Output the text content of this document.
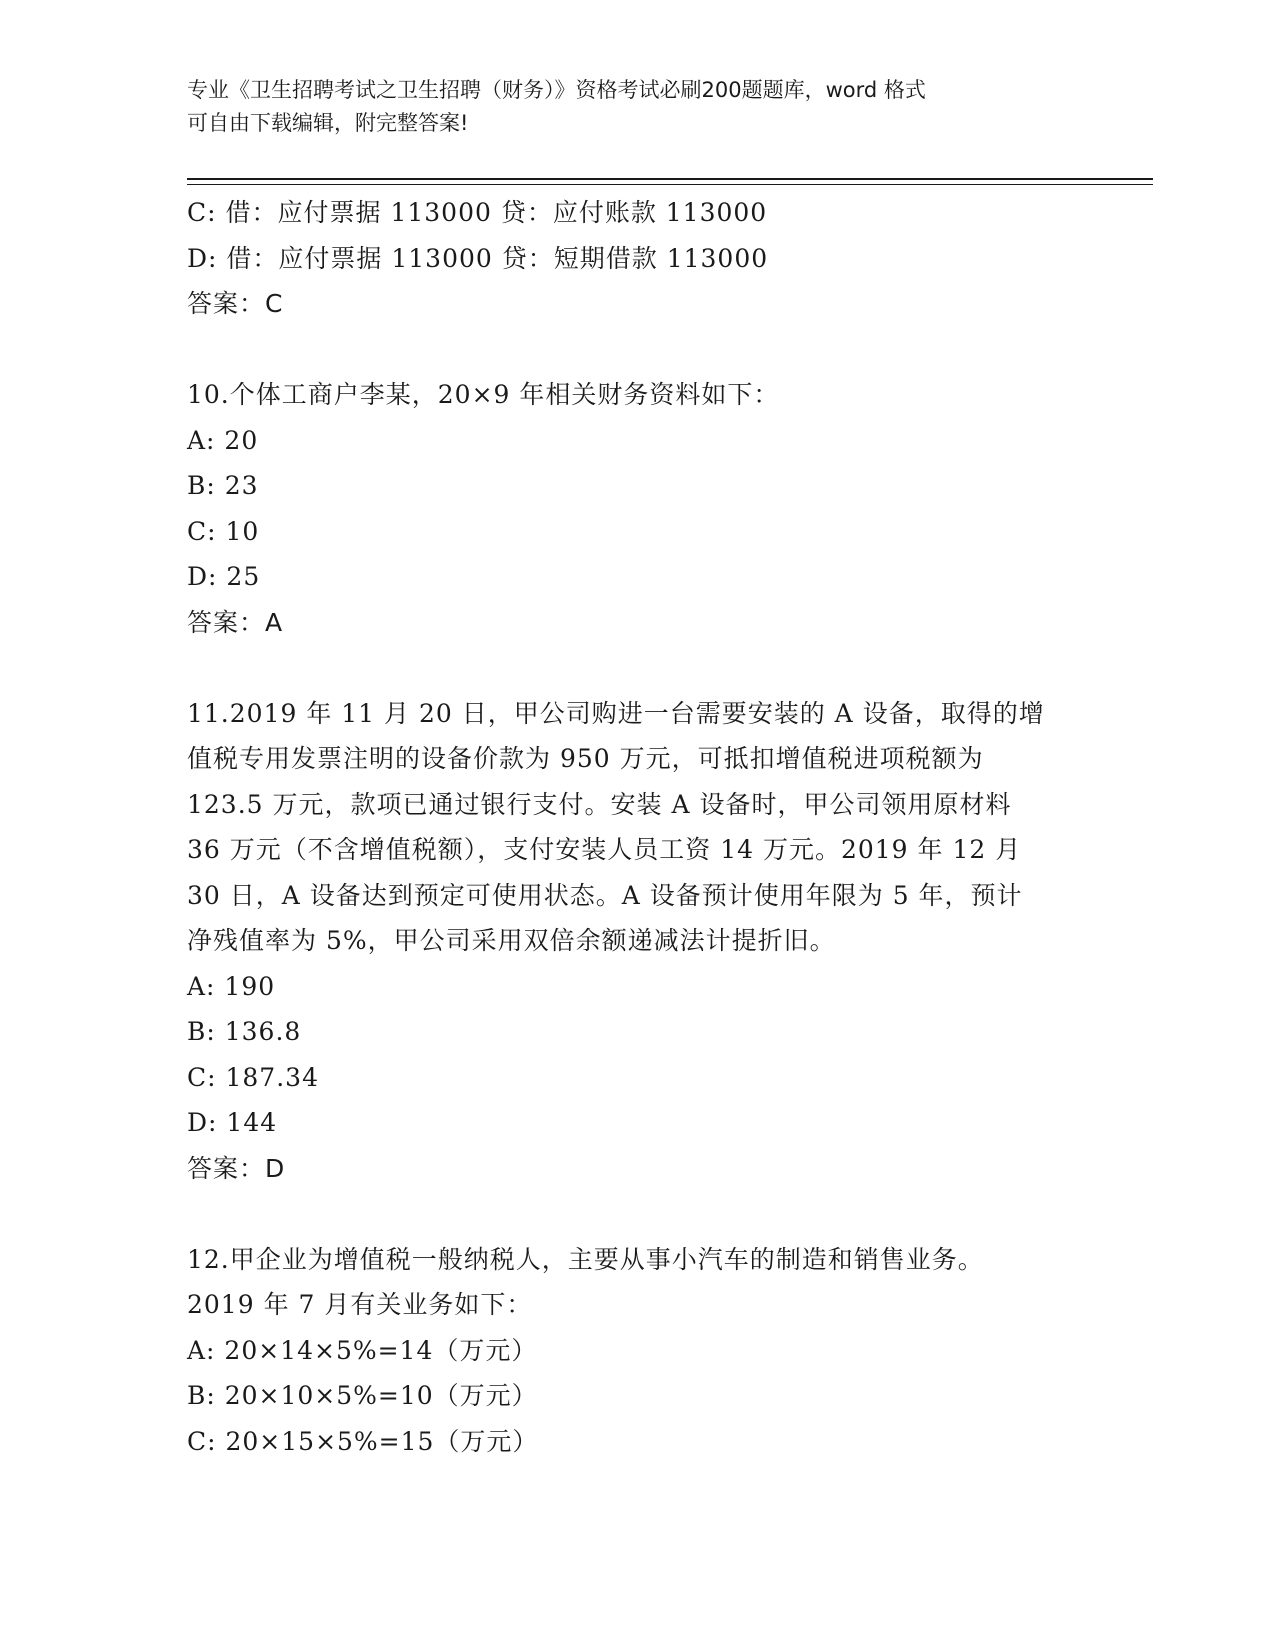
专业《卫生招聘考试之卫生招聘（财务）》资格考试必刷200题题库，word 格式
可自由下载编辑，附完整答案!
C: 借：应付票据 113000 贷：应付账款 113000
D: 借：应付票据 113000 贷：短期借款 113000
答案：C
10.个体工商户李某，20×9 年相关财务资料如下：
A: 20
B: 23
C: 10
D: 25
答案：A
11.2019 年 11 月 20 日，甲公司购进一台需要安装的 A 设备，取得的增
值税专用发票注明的设备价款为 950 万元，可抵扣增值税进项税额为
123.5 万元，款项已通过银行支付。安装 A 设备时，甲公司领用原材料
36 万元（不含增值税额），支付安装人员工资 14 万元。2019 年 12 月
30 日，A 设备达到预定可使用状态。A 设备预计使用年限为 5 年，预计
净残值率为 5%，甲公司采用双倍余额递减法计提折旧。
A: 190
B: 136.8
C: 187.34
D: 144
答案：D
12.甲企业为增值税一般纳税人，主要从事小汽车的制造和销售业务。
2019 年 7 月有关业务如下：
A: 20×14×5%=14（万元）
B: 20×10×5%=10（万元）
C: 20×15×5%=15（万元）
